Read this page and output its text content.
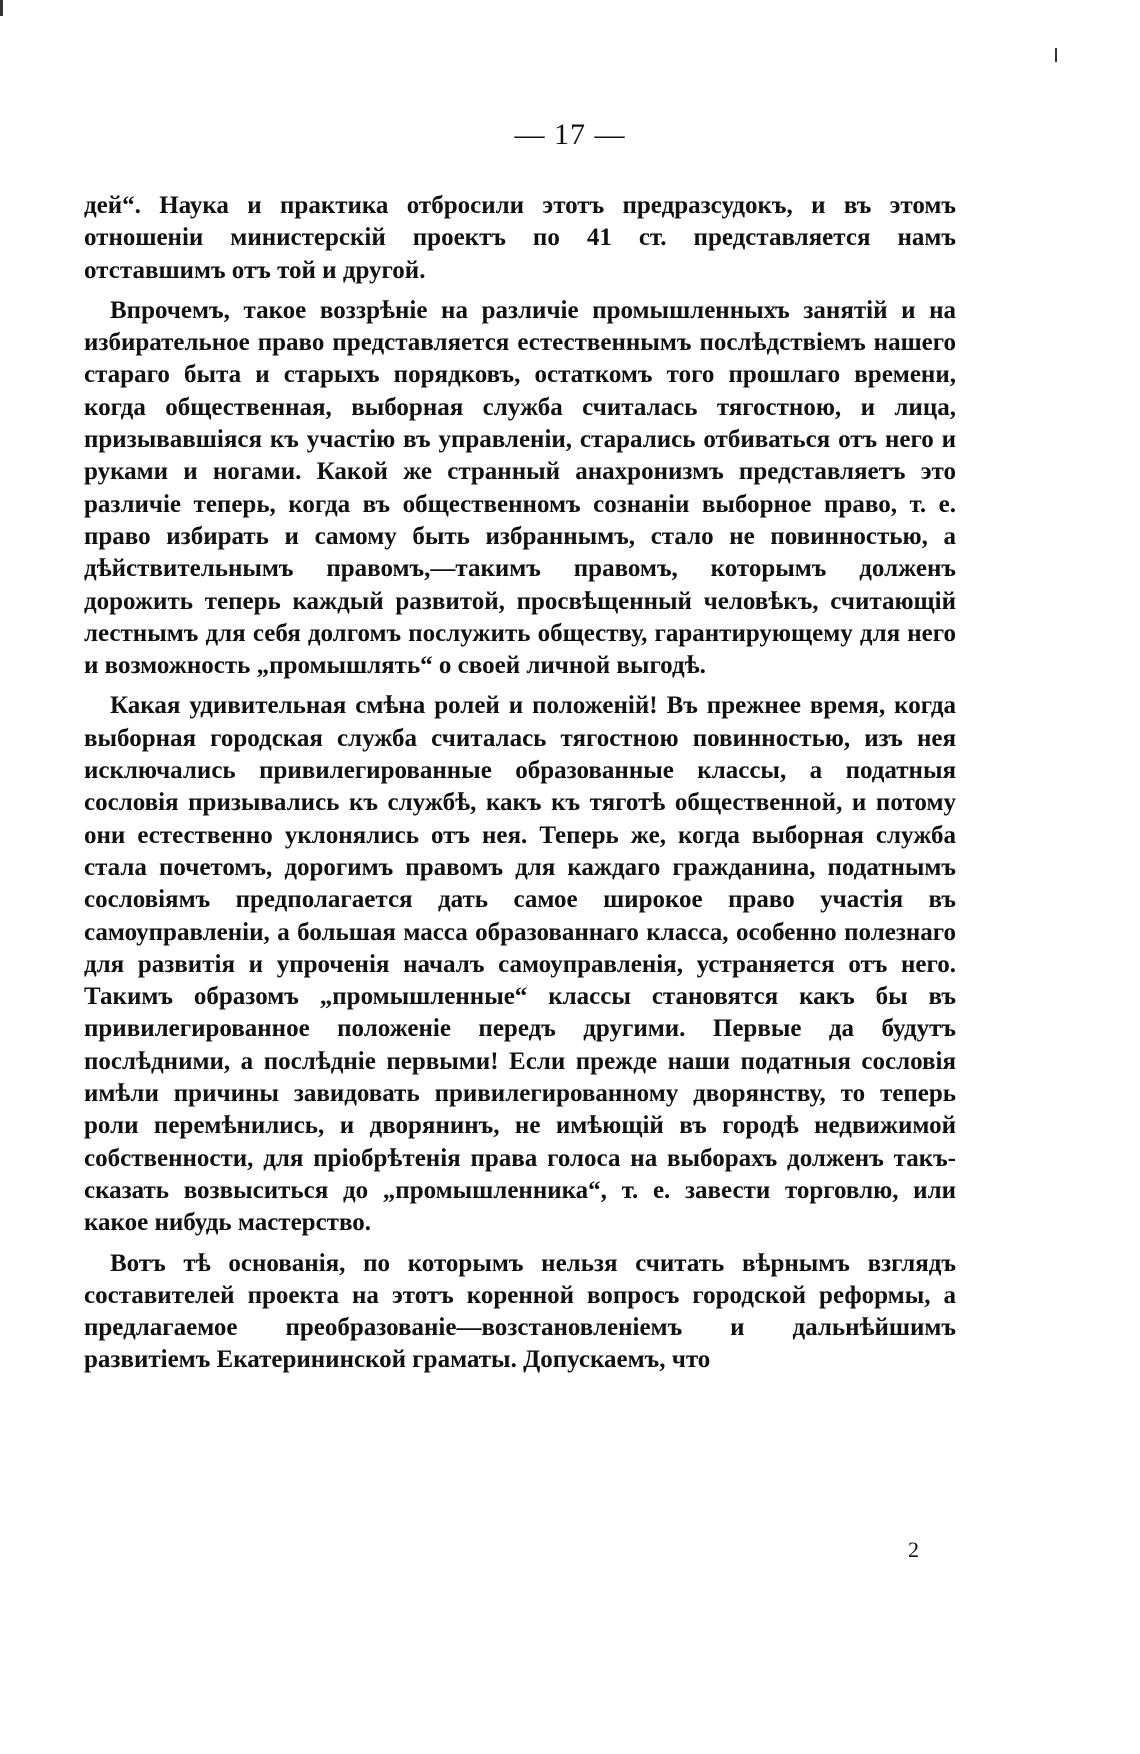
— 17 —

дей“. Наука и практика отбросили этотъ предразсудокъ, и въ этомъ отношеніи министерскій проектъ по 41 ст. представляется намъ отставшимъ отъ той и другой.

Впрочемъ, такое воззрѣніе на различіе промышленныхъ занятій и на избирательное право представляется естественнымъ послѣдствіемъ нашего стараго быта и старыхъ порядковъ, остаткомъ того прошлаго времени, когда общественная, выборная служба считалась тягостною, и лица, призывавшіяся къ участію въ управленіи, старались отбиваться отъ него и руками и ногами. Какой же странный анахронизмъ представляетъ это различіе теперь, когда въ общественномъ сознаніи выборное право, т. е. право избирать и самому быть избраннымъ, стало не повинностью, а дѣйствительнымъ правомъ,—такимъ правомъ, которымъ долженъ дорожить теперь каждый развитой, просвѣщенный человѣкъ, считающій лестнымъ для себя долгомъ послужить обществу, гарантирующему для него и возможность „промышлять“ о своей личной выгодѣ.

Какая удивительная смѣна ролей и положеній! Въ прежнее время, когда выборная городская служба считалась тягостною повинностью, изъ нея исключались привилегированные образованные классы, а податныя сословія призывались къ службѣ, какъ къ тяготѣ общественной, и потому они естественно уклонялись отъ нея. Теперь же, когда выборная служба стала почетомъ, дорогимъ правомъ для каждаго гражданина, податнымъ сословіямъ предполагается дать самое широкое право участія въ самоуправленіи, а большая масса образованнаго класса, особенно полезнаго для развитія и упроченія началъ самоуправленія, устраняется отъ него. Такимъ образомъ „промышленные“ классы становятся какъ бы въ привилегированное положеніе передъ другими. Первые да будутъ послѣдними, а послѣдніе первыми! Если прежде наши податныя сословія имѣли причины завидовать привилегированному дворянству, то теперь роли перемѣнились, и дворянинъ, не имѣющій въ городѣ недвижимой собственности, для пріобрѣтенія права голоса на выборахъ долженъ такъ-сказать возвыситься до „промышленника“, т. е. завести торговлю, или какое нибудь мастерство.

Вотъ тѣ основанія, по которымъ нельзя считать вѣрнымъ взглядъ составителей проекта на этотъ коренной вопросъ городской реформы, а предлагаемое преобразованіе—возстановленіемъ и дальнѣйшимъ развитіемъ Екатерининской граматы. Допускаемъ, что

2
